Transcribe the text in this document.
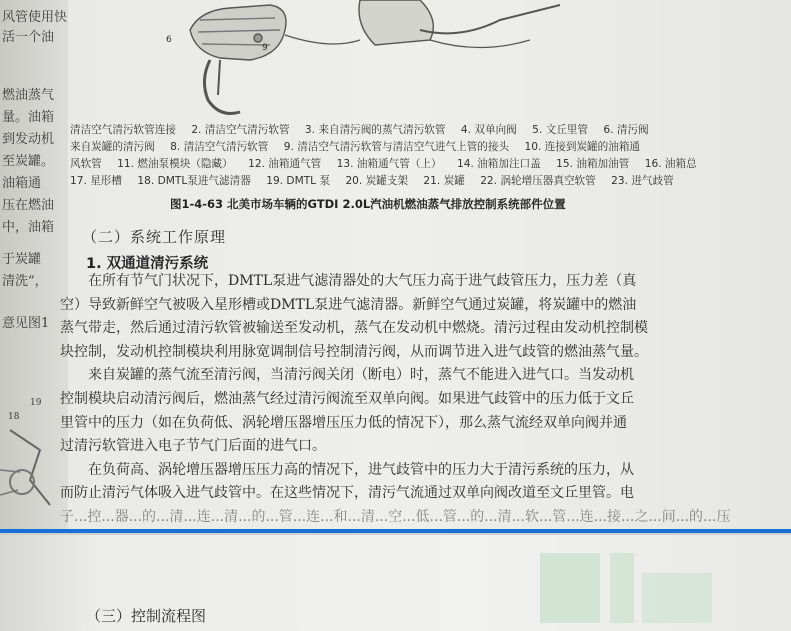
风管使用快
活一个油
燃油蒸气
量。油箱
到发动机
至炭罐。
油箱通
压在燃油
中，油箱
于炭罐
清洗”，
意见图1
19
18
6
9
清洁空气清污软管连接 2. 清洁空气清污软管 3. 来自清污阀的蒸气清污软管 4. 双单向阀 5. 文丘里管 6. 清污阀
来自炭罐的清污阀 8. 清洁空气清污软管 9. 清洁空气清污软管与清洁空气进气上管的接头 10. 连接到炭罐的油箱通
风软管 11. 燃油泵模块（隐藏） 12. 油箱通气管 13. 油箱通气管（上） 14. 油箱加注口盖 15. 油箱加油管 16. 油箱总
17. 星形槽 18. DMTL泵进气滤清器 19. DMTL 泵 20. 炭罐支架 21. 炭罐 22. 涡轮增压器真空软管 23. 进气歧管
图1-4-63 北美市场车辆的GTDI 2.0L汽油机燃油蒸气排放控制系统部件位置
（二）系统工作原理
1. 双通道清污系统

在所有节气门状况下，DMTL泵进气滤清器处的大气压力高于进气歧管压力，压力差（真

空）导致新鲜空气被吸入星形槽或DMTL泵进气滤清器。新鲜空气通过炭罐，将炭罐中的燃油

蒸气带走，然后通过清污软管被输送至发动机，蒸气在发动机中燃烧。清污过程由发动机控制模

块控制，发动机控制模块利用脉宽调制信号控制清污阀，从而调节进入进气歧管的燃油蒸气量。

来自炭罐的蒸气流至清污阀，当清污阀关闭（断电）时，蒸气不能进入进气口。当发动机

控制模块启动清污阀后，燃油蒸气经过清污阀流至双单向阀。如果进气歧管中的压力低于文丘

里管中的压力（如在负荷低、涡轮增压器增压压力低的情况下），那么蒸气流经双单向阀并通

过清污软管进入电子节气门后面的进气口。

在负荷高、涡轮增压器增压压力高的情况下，进气歧管中的压力大于清污系统的压力，从

而防止清污气体吸入进气歧管中。在这些情况下，清污气流通过双单向阀改道至文丘里管。电

子...控...器...的...清...连...清...的...管...连...和...清...空...低...管...的...清...软...管...连...接...之...间...的...压

（三）控制流程图
